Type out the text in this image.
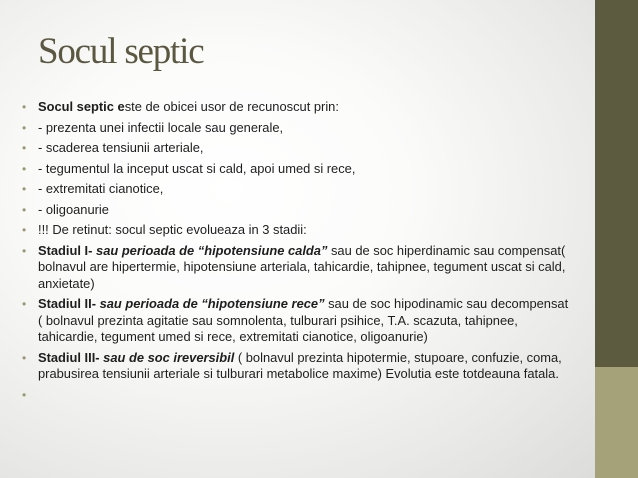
Socul septic
• Socul septic este de obicei usor de recunoscut prin:
• - prezenta unei infectii locale sau generale,
• - scaderea tensiunii arteriale,
• - tegumentul la inceput uscat si cald, apoi umed si rece,
• - extremitati cianotice,
• - oligoanurie
• !!! De retinut: socul septic evolueaza in 3 stadii:
• Stadiul I- sau perioada de “hipotensiune calda” sau de soc hiperdinamic sau compensat( bolnavul are hipertermie, hipotensiune arteriala, tahicardie, tahipnee, tegument uscat si cald, anxietate)
• Stadiul II- sau perioada de “hipotensiune rece” sau de soc hipodinamic sau decompensat ( bolnavul prezinta agitatie sau somnolenta, tulburari psihice, T.A. scazuta, tahipnee, tahicardie, tegument umed si rece, extremitati cianotice, oligoanurie)
• Stadiul III- sau de soc ireversibil ( bolnavul prezinta hipotermie, stupoare, confuzie, coma, prabusirea tensiunii arteriale si tulburari metabolice maxime) Evolutia este totdeauna fatala.
•
